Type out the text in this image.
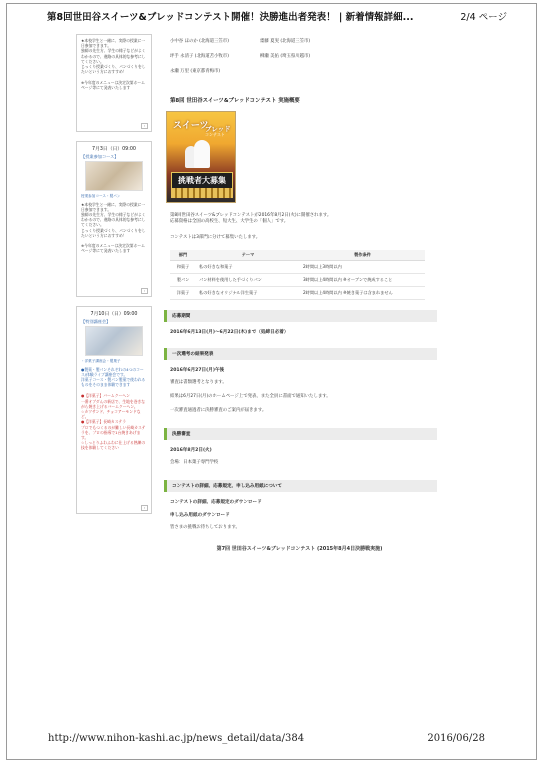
第8回世田谷スイーツ&ブレッドコンテスト開催！決勝進出者発表！ | 新着情報詳細...	2/4 ページ
★本校学生と一緒に、実際の授業に一日参加できます。
独師の先生方、学生の様子などがよくわかるので、進路の具体的な参考にしてください。
じっくり授業づくり、パンづくりをしたいという方におすすめ！

※今年度のメニューは決定次第ホームページ等にて発表いたします
›
7月3日（日）09:00
【授業参加コース】
授業参加コース・製パン
★本校学生と一緒に、実際の授業に一日参加できます。
独師の先生方、学生の様子などがよくわかるので、進路の具体的な参考にしてください。
じっくり授業づくり、パンづくりをしたいという方におすすめ！

※今年度のメニューは決定次第ホームページ等にて発表いたします
›
7月10日（日）09:00
【特別講座会】
・洋菓子講座会・製菓子
●製菓・製パンそれぞれの4つのコース/体験ライブ講座会です。
洋菓子コース・製パン製菓で使われるものをそのまま体験できます
●【洋菓子】バームクーヘン
一番オブダんの新店で、生地を巻きながら焼き上げるバームクーヘン。
☆カツサンド、チョコアーモンドなど。
●【洋菓子】長崎カステラ
プロでもつくるのが難しい長崎カステラを、プロの指導で1台焼きあげます。
☆しっとりふわふわに仕上げる熟練の技を体験してください
›
小中谷 ほのか (北海道三笠市)	齋藤 夏実 (北海道三笠市)
坪手 永清子 (北海道苫小牧市)	柳瀬 美佑 (埼玉県川越市)
永瀬 万里 (東京都青梅市)
第8回 世田谷スイーツ&ブレッドコンテスト 実施概要
スイーツ
ブレッド
コンテスト
挑戦者大募集
第8回世田谷スイーツ&ブレッドコンテストが2016年8月2日(火)に開催されます。
応募資格は全国の高校生、短大生、大学生の「個人」です。
コンテストは3部門に分けて募集いたします。
部門	テーマ	製作条件
和菓子	私の好きな和菓子	2時間以上3時間以内
製パン	パン材料を使用した手づくりパン	3時間以上4時間以内 ※オーブンで焼成すること
洋菓子	私の好きなオリジナル洋生菓子	2時間以上4時間以内 ※焼き菓子は含まれません
応募期間
2016年6月13日(月)～6月22日(木)まで（処締日必着）
一次選考の結果発表
2016年6月27日(月)午後
審査は書類選考となります。
結果は6月27日(月)のホームページ上で発表、また全員に書面で通知いたします。
一次審査通過者に決勝審査のご案内が届きます。
決勝審査
2016年8月2日(火)
会場：日本菓子専門学校
コンテストの詳細、応募規定、申し込み用紙について
コンテストの詳細、応募規定のダウンロード
申し込み用紙のダウンロード
皆さまの挑戦お待ちしております。
第7回 世田谷スイーツ&ブレッドコンテスト (2015年8月4日決勝戦実施)
http://www.nihon-kashi.ac.jp/news_detail/data/384	2016/06/28
